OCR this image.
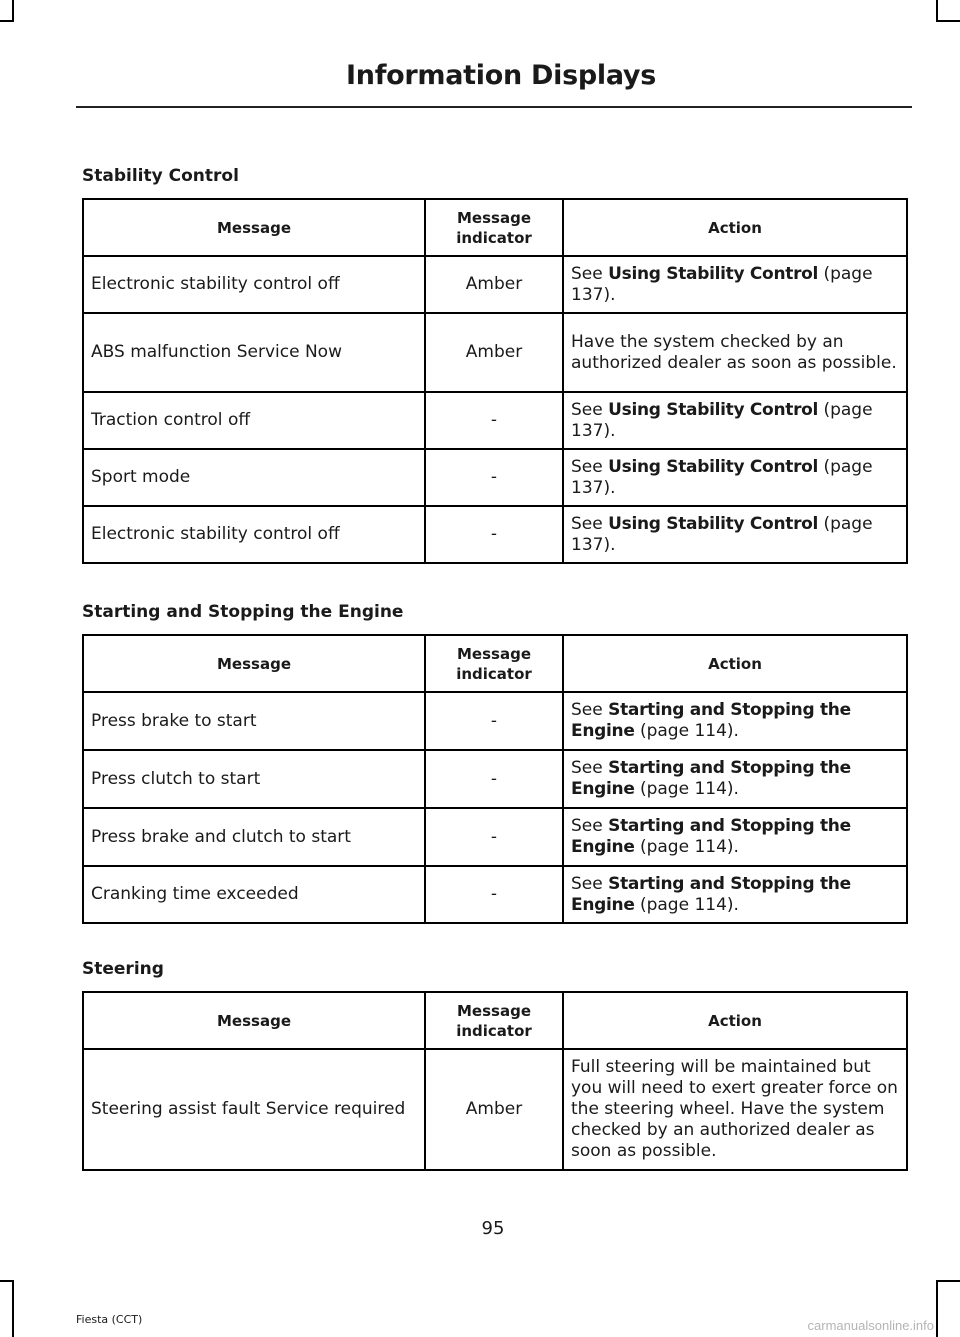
Information Displays
Stability Control
Message	Message indicator	Action
Electronic stability control off	Amber	See Using Stability Control (page 137).
ABS malfunction Service Now	Amber	Have the system checked by an authorized dealer as soon as possible.
Traction control off	-	See Using Stability Control (page 137).
Sport mode	-	See Using Stability Control (page 137).
Electronic stability control off	-	See Using Stability Control (page 137).
Starting and Stopping the Engine
Message	Message indicator	Action
Press brake to start	-	See Starting and Stopping the Engine (page 114).
Press clutch to start	-	See Starting and Stopping the Engine (page 114).
Press brake and clutch to start	-	See Starting and Stopping the Engine (page 114).
Cranking time exceeded	-	See Starting and Stopping the Engine (page 114).
Steering
Message	Message indicator	Action
Steering assist fault Service required	Amber	Full steering will be maintained but you will need to exert greater force on the steering wheel. Have the system checked by an authorized dealer as soon as possible.
95
Fiesta (CCT)	carmanualsonline.info
